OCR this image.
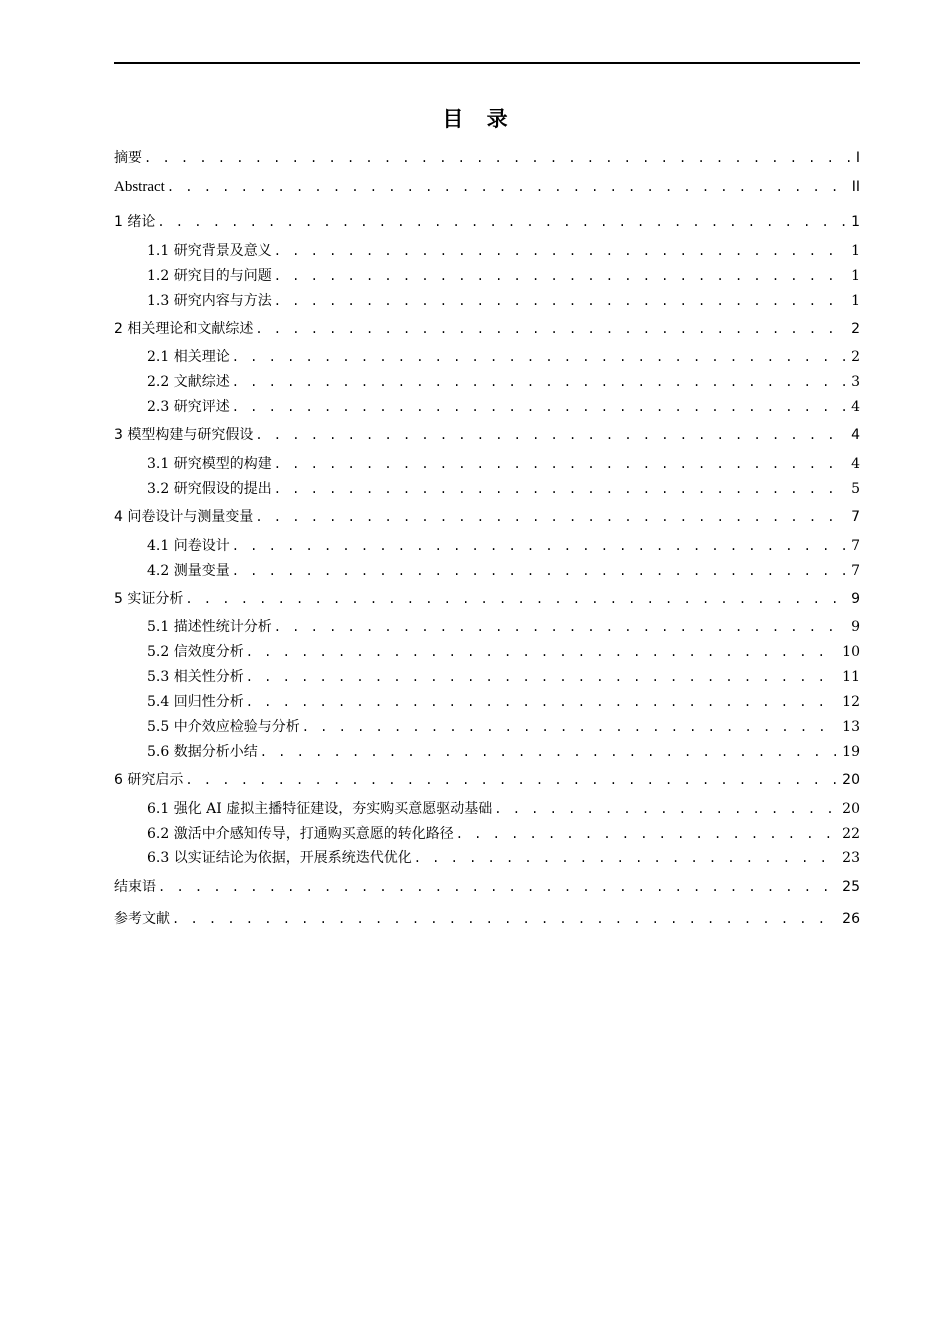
目 录
摘要 . . .	I
Abstract . . .	II
1 绪论 . . .	1
1.1 研究背景及意义 . . .	1
1.2 研究目的与问题 . . .	1
1.3 研究内容与方法 . . .	1
2 相关理论和文献综述 . . .	2
2.1 相关理论 . . .	2
2.2 文献综述 . . .	3
2.3 研究评述 . . .	4
3 模型构建与研究假设 . . .	4
3.1 研究模型的构建 . . .	4
3.2 研究假设的提出 . . .	5
4 问卷设计与测量变量 . . .	7
4.1 问卷设计 . . .	7
4.2 测量变量 . . .	7
5 实证分析 . . .	9
5.1 描述性统计分析 . . .	9
5.2 信效度分析 . . .	10
5.3 相关性分析 . . .	11
5.4 回归性分析 . . .	12
5.5 中介效应检验与分析 . . .	13
5.6 数据分析小结 . . .	19
6 研究启示 . . .	20
6.1 强化 AI 虚拟主播特征建设，夯实购买意愿驱动基础 . . .	20
6.2 激活中介感知传导，打通购买意愿的转化路径 . . .	22
6.3 以实证结论为依据，开展系统迭代优化 . . .	23
结束语 . . .	25
参考文献 . . .	26
